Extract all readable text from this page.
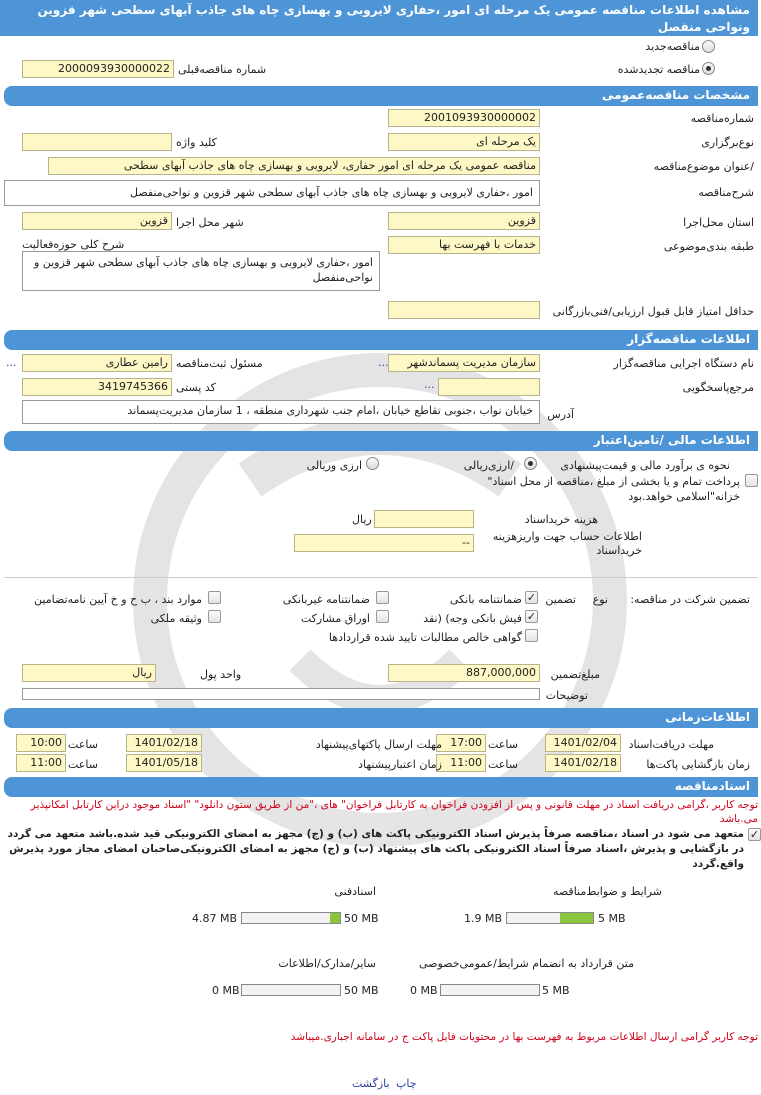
مشاهده اطلاعات مناقصه عمومی یک مرحله ای امور ،حفاری لایروبی و بهسازی چاه های جاذب آبهای سطحی شهر قزوین ونواحی منفصل
مناقصه‌جدید
مناقصه تجدیدشده
شماره مناقصه‌قبلی
2000093930000022
مشخصات مناقصه‌عمومی
شماره‌مناقصه
2001093930000002
نوع‌برگزاری
یک مرحله ای
کلید واژه
/عنوان موضوع‌مناقصه
مناقصه عمومی یک مرحله ای امور حفاری، لایروبی و بهسازی چاه های جاذب آبهای سطحی
شرح‌مناقصه
امور ،حفاری لایروبی و بهسازی چاه های جاذب آبهای سطحی شهر قزوین و نواحی‌منفصل
استان محل‌اجرا
قزوین
شهر محل اجرا
قزوین
طبقه بندی‌موضوعی
خدمات با فهرست بها
شرح کلی حوزه‌فعالیت
امور ،حفاری لایروبی و بهسازی چاه های جاذب آبهای سطحی شهر قزوین و نواحی‌منفصل
حداقل امتیاز قابل قبول ارزیابی/فنی‌بازرگانی
اطلاعات مناقصه‌گزار
نام دستگاه اجرایی مناقصه‌گزار
سازمان مدیریت پسماندشهر
...
مسئول ثبت‌مناقصه
رامین عطاری
...
مرجع‌پاسخگویی
...
کد پستی
3419745366
آدرس
خیابان نواب ،جنوبی تقاطع خیابان ،امام جنب شهرداری منطقه ، 1 سازمان مدیریت‌پسماند
اطلاعات مالی /تامین‌اعتبار
نحوه ی برآورد مالی و قیمت‌پیشنهادی
/ارزی‌ریالی
ارزی وریالی
پرداخت تمام و یا بخشی از مبلغ ،مناقصه از محل اسناد" خزانه"اسلامی خواهد.بود
هزینه خریداسناد
ریال
اطلاعات حساب جهت واریزهزینه خریداسناد
--
تضمین شرکت در مناقصه:
نوع
تضمین
✓
ضمانتنامه بانکی
ضمانتنامه غیربانکی
موارد بند ، ب ح و خ آیین نامه‌تضامین
✓
فیش بانکی وجه) (نقد
اوراق مشارکت
وثیقه ملکی
گواهی خالص مطالبات تایید شده قراردادها
مبلغ‌تضمین
887,000,000
واحد پول
ریال
توضیحات
اطلاعات‌زمانی
مهلت دریافت‌اسناد
1401/02/04
ساعت
17:00
مهلت ارسال پاکتهای‌پیشنهاد
1401/02/18
ساعت
10:00
زمان بازگشایی پاکت‌ها
1401/02/18
ساعت
11:00
زمان اعتبارپیشنهاد
1401/05/18
ساعت
11:00
اسنادمناقصه
توجه کاربر ،گرامی دریافت اسناد در مهلت قانونی و پس از افزودن فراخوان به کارتابل فراخوان" های ،"من از طریق ستون دانلود" "اسناد موجود دراین کارتابل امکانپذیر می.باشد
✓
متعهد می شود در اسناد ،مناقصه صرفاً پذیرش اسناد الکترونیکی پاکت های (ب) و (ج) مجهز به امضای الکترونیکی قید شده.باشد متعهد می گردد در بازگشایی و پذیرش ،اسناد صرفاً اسناد الکترونیکی پاکت های پیشنهاد (ب) و (ج) مجهز به امضای الکترونیکی‌صاحبان امضای مجاز مورد پذیرش واقع.گردد
شرایط و ضوابط‌مناقصه
5 MB
1.9 MB
اسنادفنی
50 MB
4.87 MB
متن قرارداد به انضمام شرایط/عمومی‌خصوصی
5 MB
0 MB
سایر/مدارک/اطلاعات
50 MB
0 MB
توجه کاربر گرامی ارسال اطلاعات مربوط به فهرست بها در محتویات فایل پاکت ج در سامانه اجباری.میباشد
چاپ
بازگشت
